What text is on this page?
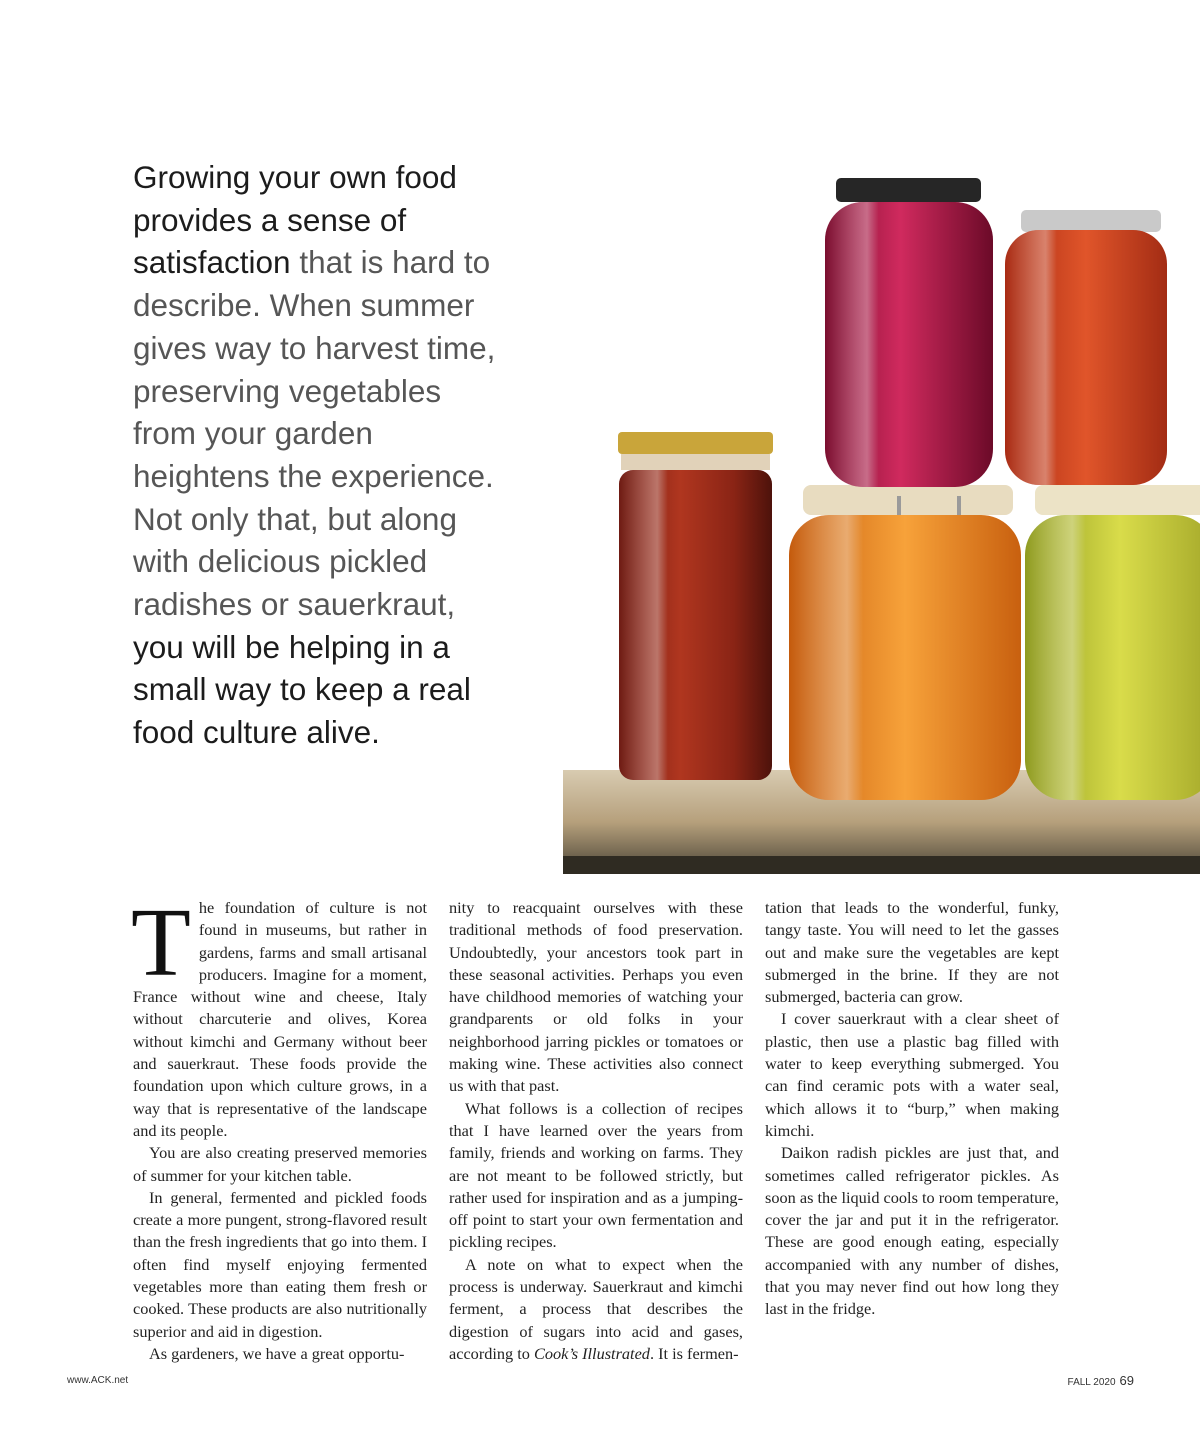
Growing your own food provides a sense of satisfaction that is hard to describe. When summer gives way to harvest time, preserving vegetables from your garden heightens the experience. Not only that, but along with delicious pickled radishes or sauerkraut, you will be helping in a small way to keep a real food culture alive.

The foundation of culture is not found in museums, but rather in gardens, farms and small artisanal producers. Imagine for a moment, France without wine and cheese, Italy without charcuterie and olives, Korea without kimchi and Germany without beer and sauerkraut. These foods provide the foundation upon which culture grows, in a way that is representative of the landscape and its people.

You are also creating preserved memories of summer for your kitchen table.

In general, fermented and pickled foods create a more pungent, strong-flavored result than the fresh ingredients that go into them. I often find myself enjoying fermented vegetables more than eating them fresh or cooked. These products are also nutritionally superior and aid in digestion.

As gardeners, we have a great opportu-

nity to reacquaint ourselves with these traditional methods of food preservation. Undoubtedly, your ancestors took part in these seasonal activities. Perhaps you even have childhood memories of watching your grandparents or old folks in your neighborhood jarring pickles or tomatoes or making wine. These activities also connect us with that past.

What follows is a collection of recipes that I have learned over the years from family, friends and working on farms. They are not meant to be followed strictly, but rather used for inspiration and as a jumping-off point to start your own fermentation and pickling recipes.

A note on what to expect when the process is underway. Sauerkraut and kimchi ferment, a process that describes the digestion of sugars into acid and gases, according to Cook’s Illustrated. It is fermen-

tation that leads to the wonderful, funky, tangy taste. You will need to let the gasses out and make sure the vegetables are kept submerged in the brine. If they are not submerged, bacteria can grow.

I cover sauerkraut with a clear sheet of plastic, then use a plastic bag filled with water to keep everything submerged. You can find ceramic pots with a water seal, which allows it to “burp,” when making kimchi.

Daikon radish pickles are just that, and sometimes called refrigerator pickles. As soon as the liquid cools to room temperature, cover the jar and put it in the refrigerator. These are good enough eating, especially accompanied with any number of dishes, that you may never find out how long they last in the fridge.

www.ACK.net	FALL 2020 69
